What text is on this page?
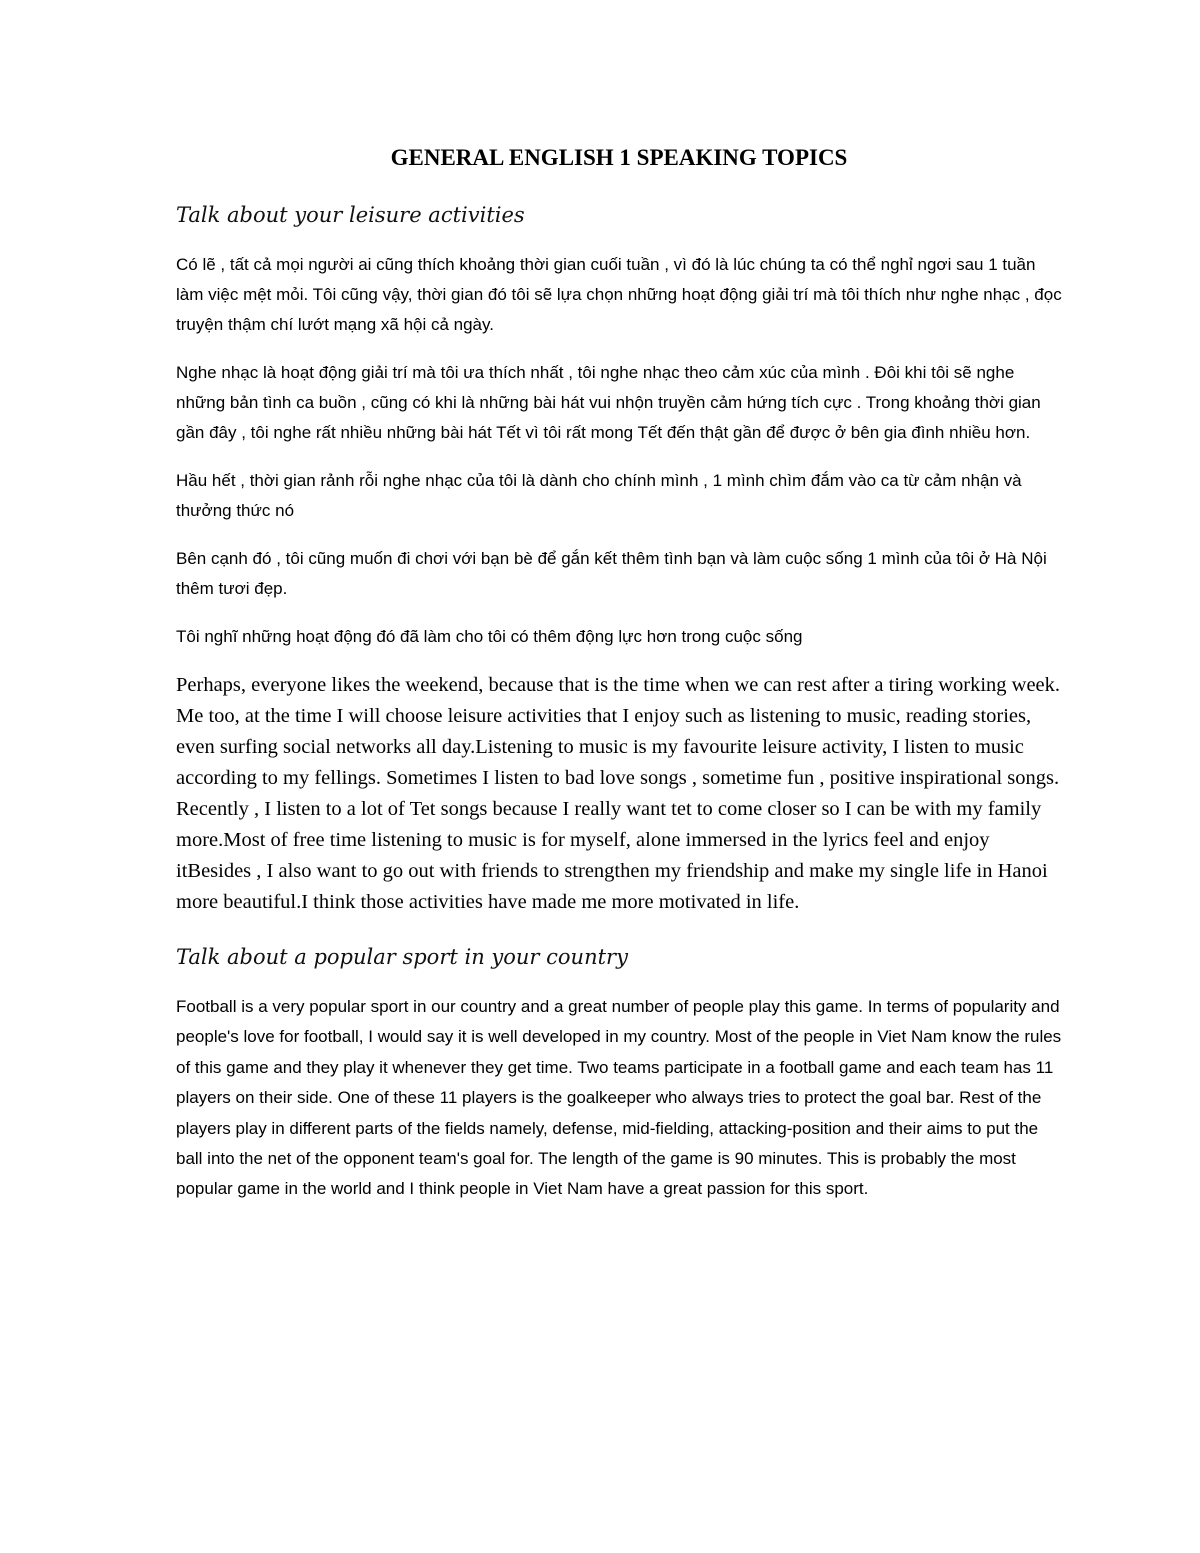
GENERAL ENGLISH 1 SPEAKING TOPICS
Talk about your leisure activities

Có lẽ , tất cả mọi người ai cũng thích khoảng thời gian cuối tuần , vì đó là lúc chúng ta có thể nghỉ ngơi sau 1 tuần làm việc mệt mỏi. Tôi cũng vậy, thời gian đó tôi sẽ lựa chọn những hoạt động giải trí mà tôi thích như nghe nhạc , đọc truyện thậm chí lướt mạng xã hội cả ngày.

Nghe nhạc là hoạt động giải trí mà tôi ưa thích nhất , tôi nghe nhạc theo cảm xúc của mình . Đôi khi tôi sẽ nghe những bản tình ca buồn , cũng có khi là những bài hát vui nhộn truyền cảm hứng tích cực . Trong khoảng thời gian gần đây , tôi nghe rất nhiều những bài hát Tết vì tôi rất mong Tết đến thật gần để được ở bên gia đình nhiều hơn.

Hầu hết , thời gian rảnh rỗi nghe nhạc của tôi là dành cho chính mình , 1 mình chìm đắm vào ca từ cảm nhận và thưởng thức nó

Bên cạnh đó , tôi cũng muốn đi chơi với bạn bè để gắn kết thêm tình bạn và làm cuộc sống 1 mình của tôi ở Hà Nội thêm tươi đẹp.

Tôi nghĩ những hoạt động đó đã làm cho tôi có thêm động lực hơn trong cuộc sống

Perhaps, everyone likes the weekend, because that is the time when we can rest after a tiring working week. Me too, at the time I will choose leisure activities that I enjoy such as listening to music, reading stories, even surfing social networks all day.Listening to music is my favourite leisure activity, I listen to music according to my fellings. Sometimes I listen to bad love songs , sometime fun , positive inspirational songs. Recently , I listen to a lot of Tet songs because I really want tet to come closer so I can be with my family more.Most of free time listening to music is for myself, alone immersed in the lyrics feel and enjoy itBesides , I also want to go out with friends to strengthen my friendship and make my single life in Hanoi more beautiful.I think those activities have made me more motivated in life.

Talk about a popular sport in your country

Football is a very popular sport in our country and a great number of people play this game. In terms of popularity and people's love for football, I would say it is well developed in my country. Most of the people in Viet Nam know the rules of this game and they play it whenever they get time. Two teams participate in a football game and each team has 11 players on their side. One of these 11 players is the goalkeeper who always tries to protect the goal bar. Rest of the players play in different parts of the fields namely, defense, mid-fielding, attacking-position and their aims to put the ball into the net of the opponent team's goal for. The length of the game is 90 minutes. This is probably the most popular game in the world and I think people in Viet Nam have a great passion for this sport.
